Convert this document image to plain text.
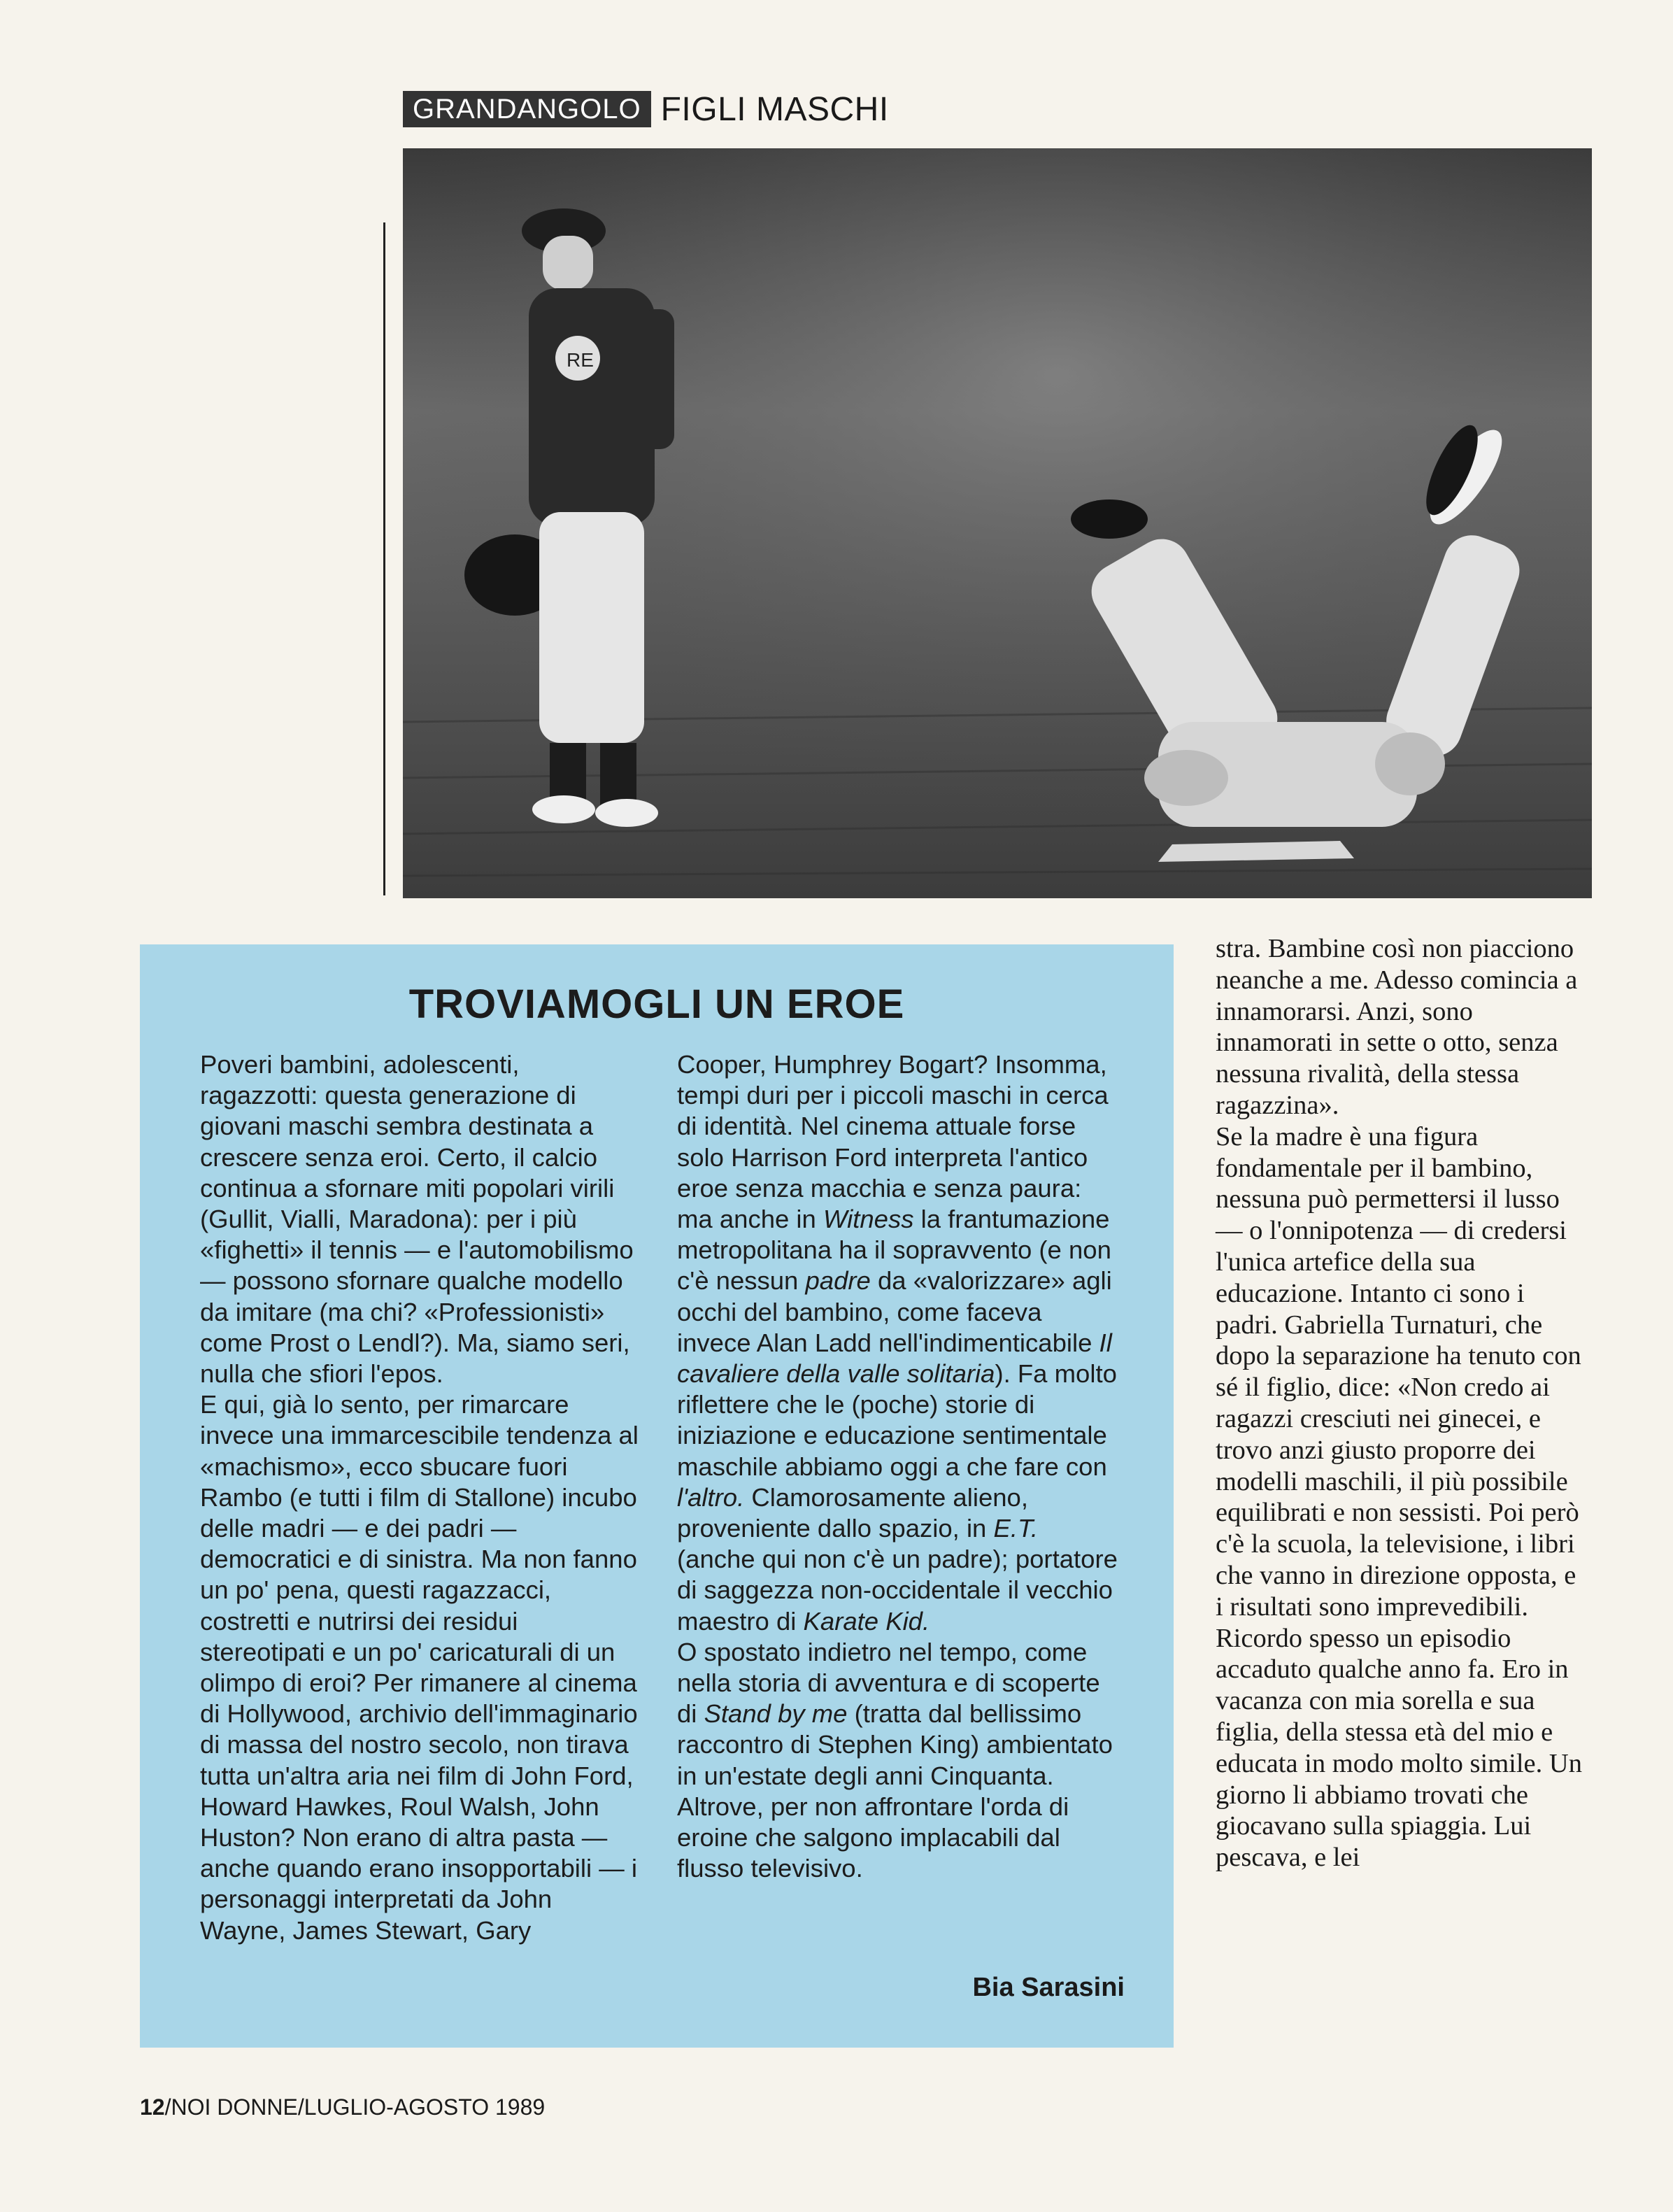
GRANDANGOLO FIGLI MASCHI
RE
TROVIAMOGLI UN EROE

Poveri bambini, adolescenti, ragazzotti: questa generazione di giovani maschi sembra destinata a crescere senza eroi. Certo, il calcio continua a sfornare miti popolari virili (Gullit, Vialli, Maradona): per i più «fighetti» il tennis — e l'automobilismo — possono sfornare qualche modello da imitare (ma chi? «Professionisti» come Prost o Lendl?). Ma, siamo seri, nulla che sfiori l'epos.

E qui, già lo sento, per rimarcare invece una immarcescibile tendenza al «machismo», ecco sbucare fuori Rambo (e tutti i film di Stallone) incubo delle madri — e dei padri — democratici e di sinistra. Ma non fanno un po' pena, questi ragazzacci, costretti e nutrirsi dei residui stereotipati e un po' caricaturali di un olimpo di eroi? Per rimanere al cinema di Hollywood, archivio dell'immaginario di massa del nostro secolo, non tirava tutta un'altra aria nei film di John Ford, Howard Hawkes, Roul Walsh, John Huston? Non erano di altra pasta — anche quando erano insopportabili — i personaggi interpretati da John Wayne, James Stewart, Gary

Cooper, Humphrey Bogart? Insomma, tempi duri per i piccoli maschi in cerca di identità. Nel cinema attuale forse solo Harrison Ford interpreta l'antico eroe senza macchia e senza paura: ma anche in Witness la frantumazione metropolitana ha il sopravvento (e non c'è nessun padre da «valorizzare» agli occhi del bambino, come faceva invece Alan Ladd nell'indimenticabile Il cavaliere della valle solitaria). Fa molto riflettere che le (poche) storie di iniziazione e educazione sentimentale maschile abbiamo oggi a che fare con l'altro. Clamorosamente alieno, proveniente dallo spazio, in E.T. (anche qui non c'è un padre); portatore di saggezza non-occidentale il vecchio maestro di Karate Kid.

O spostato indietro nel tempo, come nella storia di avventura e di scoperte di Stand by me (tratta dal bellissimo raccontro di Stephen King) ambientato in un'estate degli anni Cinquanta. Altrove, per non affrontare l'orda di eroine che salgono implacabili dal flusso televisivo.

Bia Sarasini

stra. Bambine così non piacciono neanche a me. Adesso comincia a innamorarsi. Anzi, sono innamorati in sette o otto, senza nessuna rivalità, della stessa ragazzina».

Se la madre è una figura fondamentale per il bambino, nessuna può permettersi il lusso — o l'onnipotenza — di credersi l'unica artefice della sua educazione. Intanto ci sono i padri. Gabriella Turnaturi, che dopo la separazione ha tenuto con sé il figlio, dice: «Non credo ai ragazzi cresciuti nei ginecei, e trovo anzi giusto proporre dei modelli maschili, il più possibile equilibrati e non sessisti. Poi però c'è la scuola, la televisione, i libri che vanno in direzione opposta, e i risultati sono imprevedibili. Ricordo spesso un episodio accaduto qualche anno fa. Ero in vacanza con mia sorella e sua figlia, della stessa età del mio e educata in modo molto simile. Un giorno li abbiamo trovati che giocavano sulla spiaggia. Lui pescava, e lei

12/NOI DONNE/LUGLIO-AGOSTO 1989
